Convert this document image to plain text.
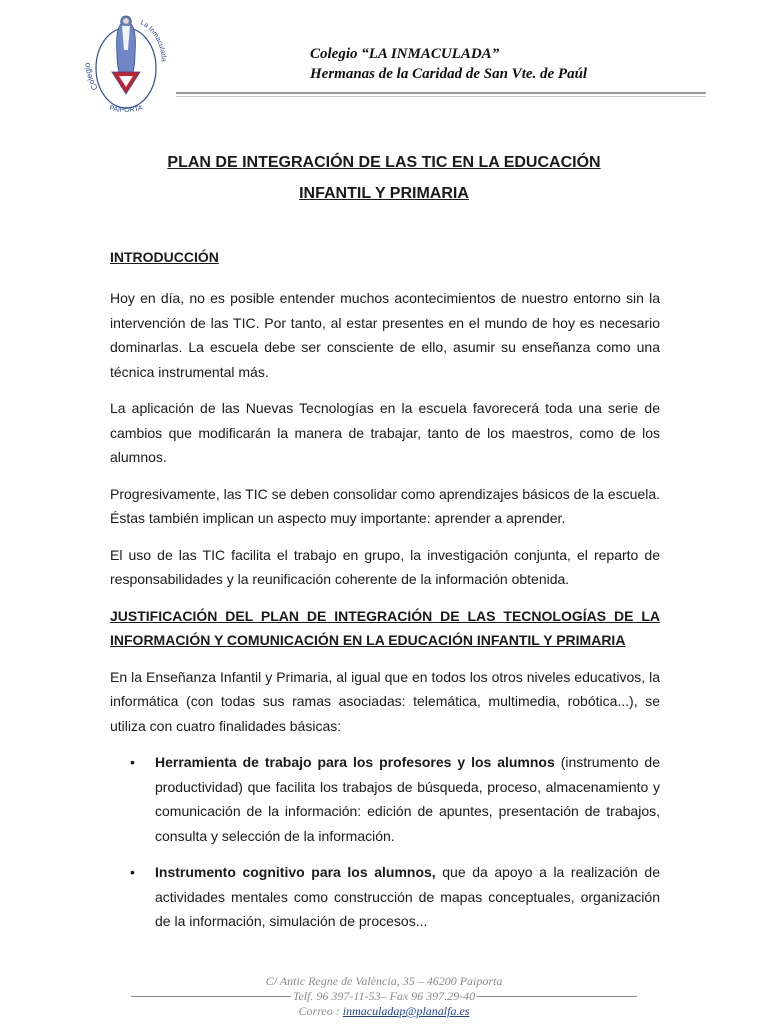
Colegi
La Inmaculada
PAIPORTA
Colegio “LA INMACULADA”
Hermanas de la Caridad de San Vte. de Paúl
PLAN DE INTEGRACIÓN DE LAS TIC EN LA EDUCACIÓN
INFANTIL Y PRIMARIA

INTRODUCCIÓN

Hoy en día, no es posible entender muchos acontecimientos de nuestro entorno sin la intervención de las TIC. Por tanto, al estar presentes en el mundo de hoy es necesario dominarlas. La escuela debe ser consciente de ello, asumir su enseñanza como una técnica instrumental más.

La aplicación de las Nuevas Tecnologías en la escuela favorecerá toda una serie de cambios que modificarán la manera de trabajar, tanto de los maestros, como de los alumnos.

Progresivamente, las TIC se deben consolidar como aprendizajes básicos de la escuela. Éstas también implican un aspecto muy importante: aprender a aprender.

El uso de las TIC facilita el trabajo en grupo, la investigación conjunta, el reparto de responsabilidades y la reunificación coherente de la información obtenida.

JUSTIFICACIÓN DEL PLAN DE INTEGRACIÓN DE LAS TECNOLOGÍAS DE LA INFORMACIÓN Y COMUNICACIÓN EN LA EDUCACIÓN INFANTIL Y PRIMARIA

En la Enseñanza Infantil y Primaria, al igual que en todos los otros niveles educativos, la informática (con todas sus ramas asociadas: telemática, multimedia, robótica...), se utiliza con cuatro finalidades básicas:

• Herramienta de trabajo para los profesores y los alumnos (instrumento de productividad) que facilita los trabajos de búsqueda, proceso, almacenamiento y comunicación de la información: edición de apuntes, presentación de trabajos, consulta y selección de la información.
• Instrumento cognitivo para los alumnos, que da apoyo a la realización de actividades mentales como construcción de mapas conceptuales, organización de la información, simulación de procesos...
C/ Antic Regne de València, 35 – 46200 Paiporta
Telf. 96 397-11-53– Fax 96 397.29-40
Correo : inmaculadap@planalfa.es
